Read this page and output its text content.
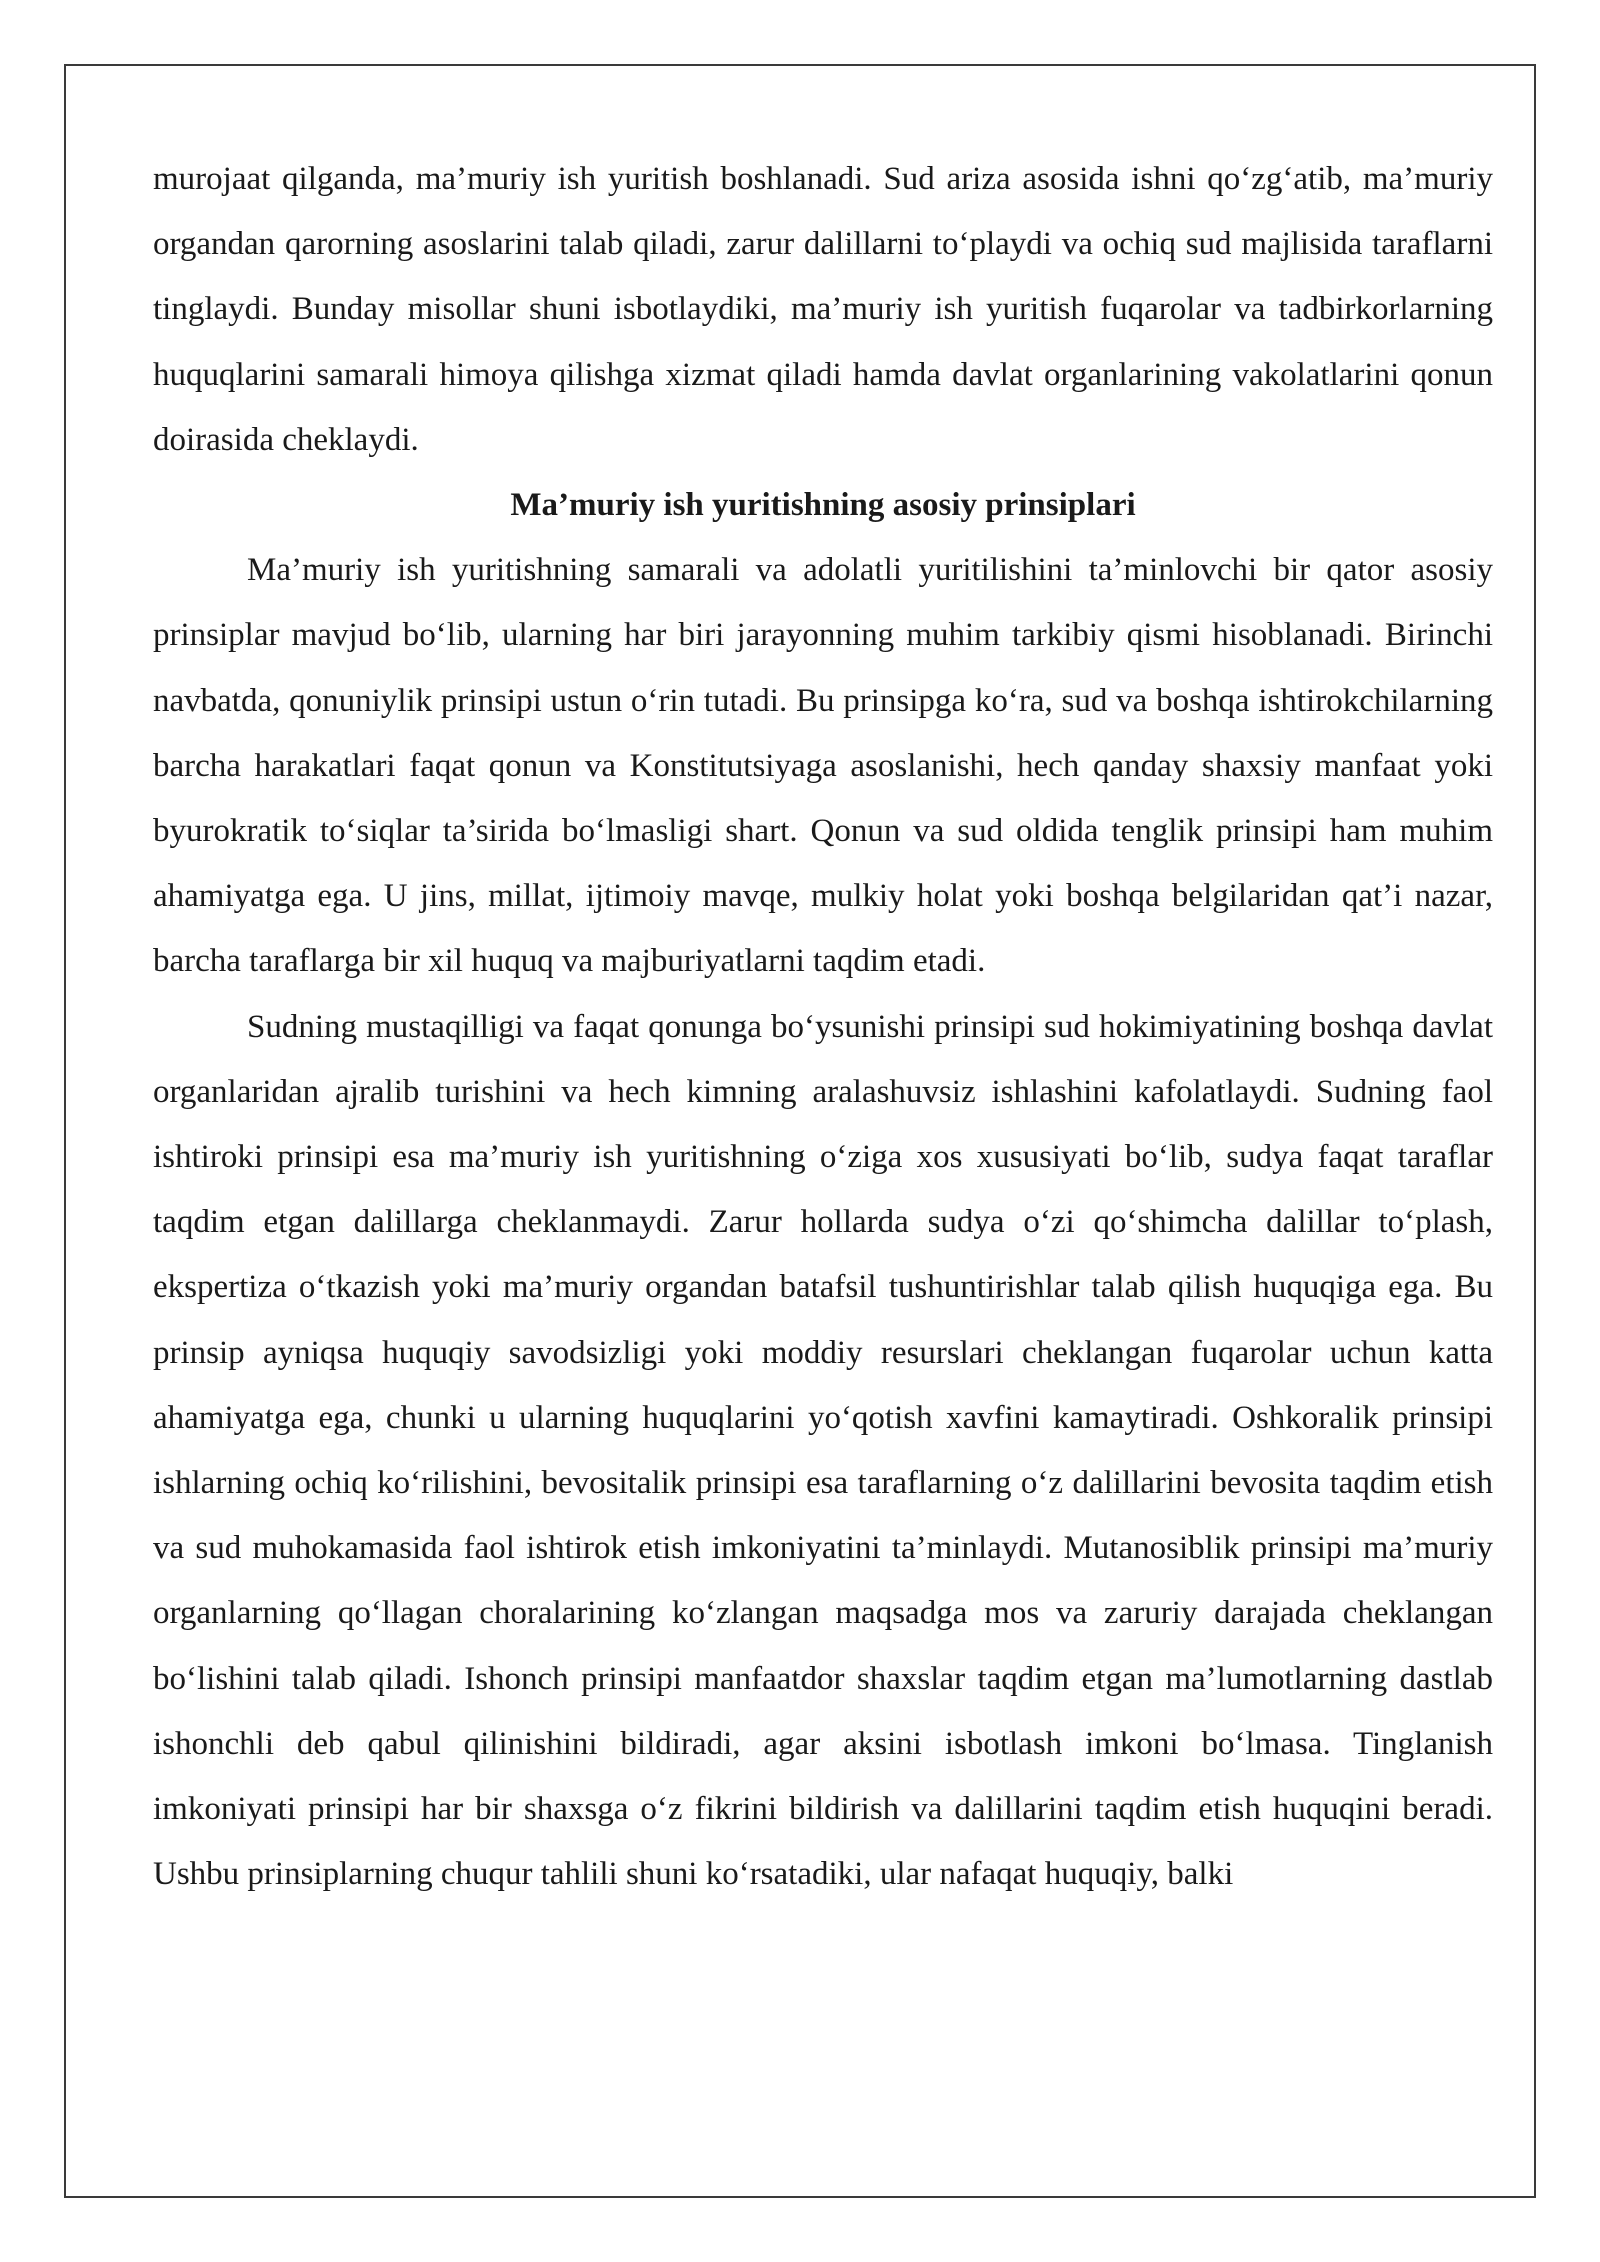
murojaat qilganda, ma’muriy ish yuritish boshlanadi. Sud ariza asosida ishni qo‘zg‘atib, ma’muriy organdan qarorning asoslarini talab qiladi, zarur dalillarni to‘playdi va ochiq sud majlisida taraflarni tinglaydi. Bunday misollar shuni isbotlaydiki, ma’muriy ish yuritish fuqarolar va tadbirkorlarning huquqlarini samarali himoya qilishga xizmat qiladi hamda davlat organlarining vakolatlarini qonun doirasida cheklaydi.

Ma’muriy ish yuritishning asosiy prinsiplari

Ma’muriy ish yuritishning samarali va adolatli yuritilishini ta’minlovchi bir qator asosiy prinsiplar mavjud bo‘lib, ularning har biri jarayonning muhim tarkibiy qismi hisoblanadi. Birinchi navbatda, qonuniylik prinsipi ustun o‘rin tutadi. Bu prinsipga ko‘ra, sud va boshqa ishtirokchilarning barcha harakatlari faqat qonun va Konstitutsiyaga asoslanishi, hech qanday shaxsiy manfaat yoki byurokratik to‘siqlar ta’sirida bo‘lmasligi shart. Qonun va sud oldida tenglik prinsipi ham muhim ahamiyatga ega. U jins, millat, ijtimoiy mavqe, mulkiy holat yoki boshqa belgilaridan qat’i nazar, barcha taraflarga bir xil huquq va majburiyatlarni taqdim etadi.

Sudning mustaqilligi va faqat qonunga bo‘ysunishi prinsipi sud hokimiyatining boshqa davlat organlaridan ajralib turishini va hech kimning aralashuvsiz ishlashini kafolatlaydi. Sudning faol ishtiroki prinsipi esa ma’muriy ish yuritishning o‘ziga xos xususiyati bo‘lib, sudya faqat taraflar taqdim etgan dalillarga cheklanmaydi. Zarur hollarda sudya o‘zi qo‘shimcha dalillar to‘plash, ekspertiza o‘tkazish yoki ma’muriy organdan batafsil tushuntirishlar talab qilish huquqiga ega. Bu prinsip ayniqsa huquqiy savodsizligi yoki moddiy resurslari cheklangan fuqarolar uchun katta ahamiyatga ega, chunki u ularning huquqlarini yo‘qotish xavfini kamaytiradi. Oshkoralik prinsipi ishlarning ochiq ko‘rilishini, bevositalik prinsipi esa taraflarning o‘z dalillarini bevosita taqdim etish va sud muhokamasida faol ishtirok etish imkoniyatini ta’minlaydi. Mutanosiblik prinsipi ma’muriy organlarning qo‘llagan choralarining ko‘zlangan maqsadga mos va zaruriy darajada cheklangan bo‘lishini talab qiladi. Ishonch prinsipi manfaatdor shaxslar taqdim etgan ma’lumotlarning dastlab ishonchli deb qabul qilinishini bildiradi, agar aksini isbotlash imkoni bo‘lmasa. Tinglanish imkoniyati prinsipi har bir shaxsga o‘z fikrini bildirish va dalillarini taqdim etish huquqini beradi. Ushbu prinsiplarning chuqur tahlili shuni ko‘rsatadiki, ular nafaqat huquqiy, balki
